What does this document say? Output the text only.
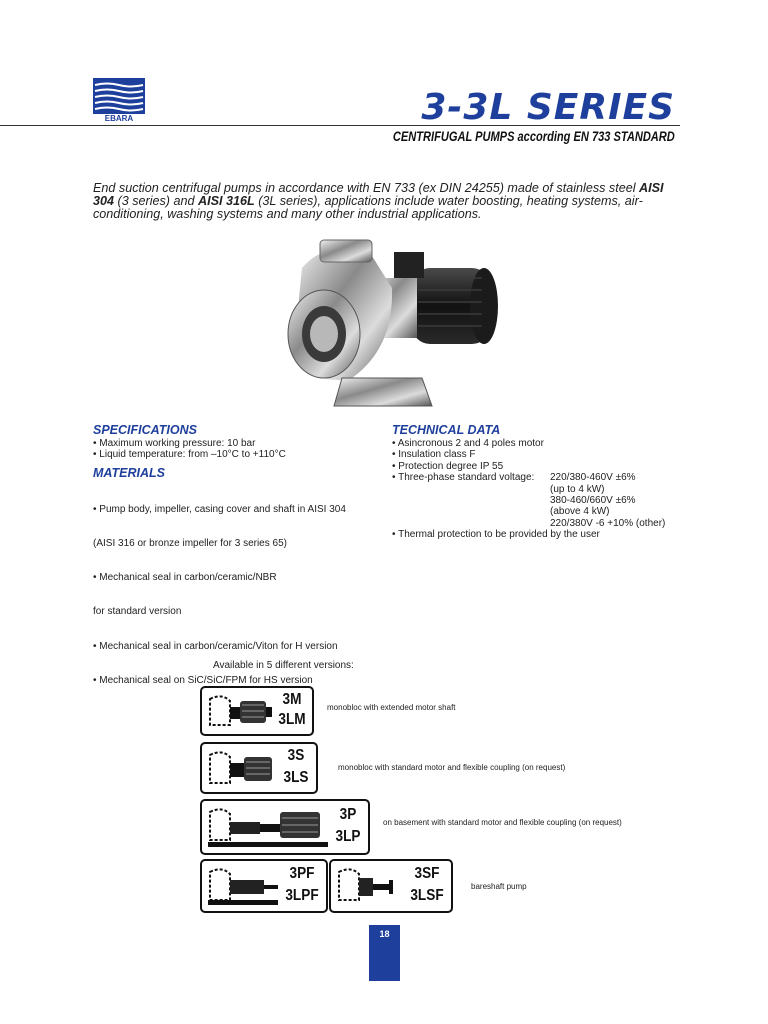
EBARA	3-3L SERIES
CENTRIFUGAL PUMPS according EN 733 STANDARD
End suction centrifugal pumps in accordance with EN 733 (ex DIN 24255) made of stainless steel AISI 304 (3 series) and AISI 316L (3L series), applications include water boosting, heating systems, air-conditioning, washing systems and many other industrial applications.
SPECIFICATIONS
• Maximum working pressure: 10 bar
• Liquid temperature: from –10°C to +110°C
MATERIALS

• Pump body, impeller, casing cover and shaft in AISI 304

(AISI 316 or bronze impeller for 3 series 65)

• Mechanical seal in carbon/ceramic/NBR

for standard version

• Mechanical seal in carbon/ceramic/Viton for H version

• Mechanical seal on SiC/SiC/FPM for HS version

TECHNICAL DATA
• Asincronous 2 and 4 poles motor
• Insulation class F
• Protection degree IP 55
• Three-phase standard voltage:	220/380-460V ±6%
(up to 4 kW)
380-460/660V ±6%
(above 4 kW)
220/380V -6 +10% (other)
• Thermal protection to be provided by the user
Available in 5 different versions:
3M
3LM
monobloc with extended motor shaft
3S
3LS
monobloc with standard motor and flexible coupling (on request)
3P
3LP
on basement with standard motor and flexible coupling (on request)
3PF
3LPF
3SF
3LSF
bareshaft pump
18
